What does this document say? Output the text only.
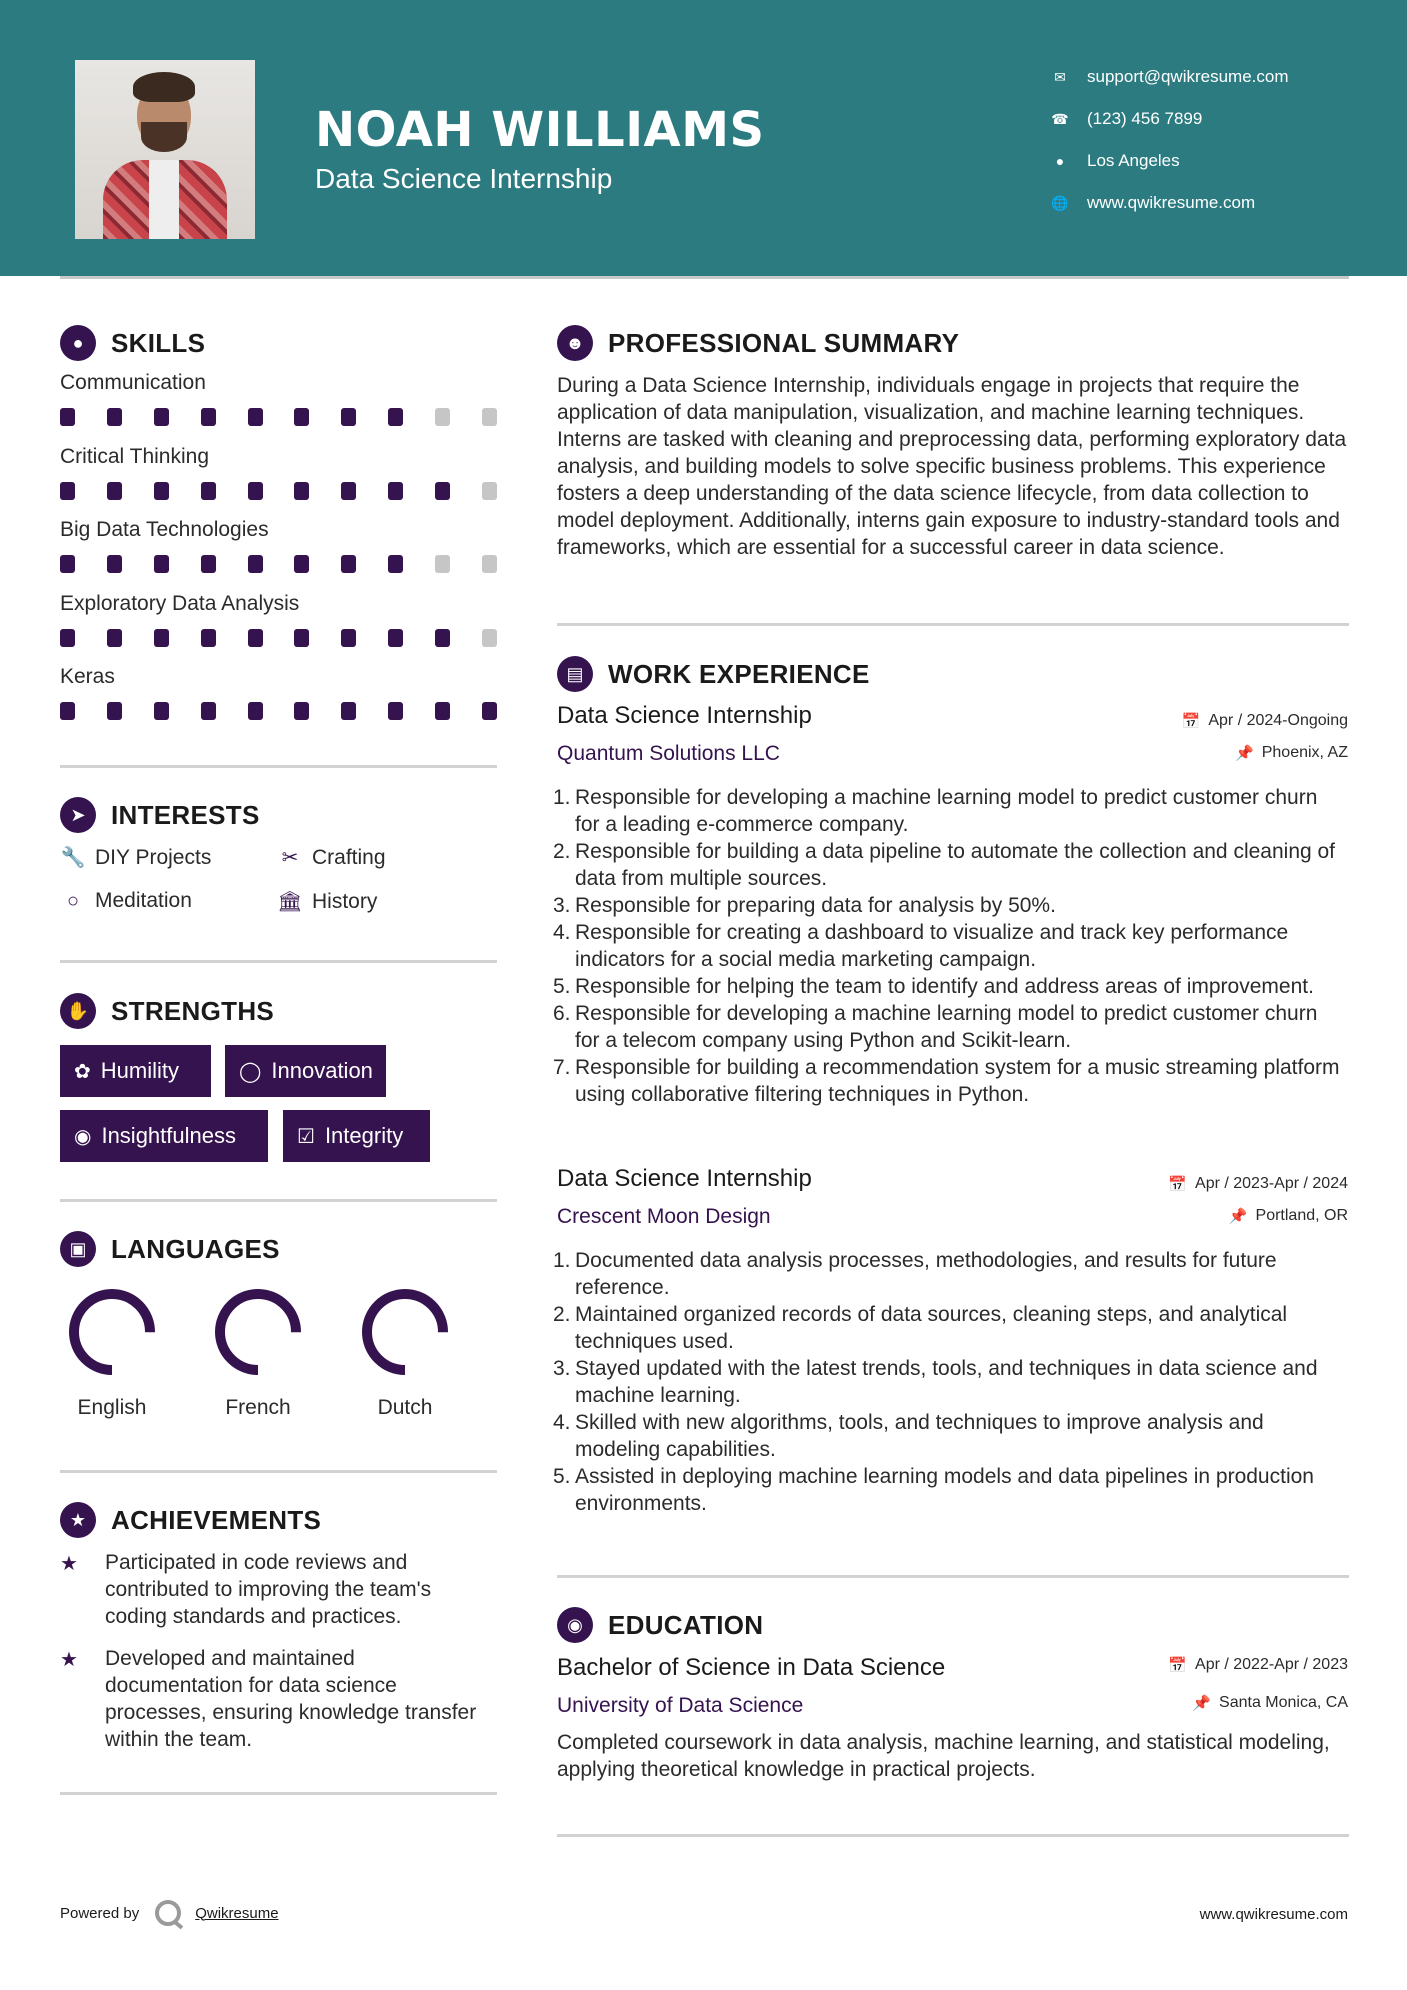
NOAH WILLIAMS
Data Science Internship
✉ support@qwikresume.com
☎ (123) 456 7899
●	Los Angeles
🌐 www.qwikresume.com
●	SKILLS
Communication
Critical Thinking
Big Data Technologies
Exploratory Data Analysis
Keras
➤ INTERESTS
🔧 DIY Projects	✂ Crafting
○ Meditation	🏛 History
✋ STRENGTHS
✿ Humility	◯ Innovation
◉ Insightfulness	☑ Integrity
▣ LANGUAGES
English	French	Dutch
★ ACHIEVEMENTS
★	Participated in code reviews and contributed to improving the team's coding standards and practices.
★	Developed and maintained documentation for data science processes, ensuring knowledge transfer within the team.
☻ PROFESSIONAL SUMMARY
During a Data Science Internship, individuals engage in projects that require the application of data manipulation, visualization, and machine learning techniques. Interns are tasked with cleaning and preprocessing data, performing exploratory data analysis, and building models to solve specific business problems. This experience fosters a deep understanding of the data science lifecycle, from data collection to model deployment. Additionally, interns gain exposure to industry-standard tools and frameworks, which are essential for a successful career in data science.
▤ WORK EXPERIENCE
Data Science Internship	📅 Apr / 2024-Ongoing
Quantum Solutions LLC	📌 Phoenix, AZ
1. Responsible for developing a machine learning model to predict customer churn for a leading e-commerce company.
2. Responsible for building a data pipeline to automate the collection and cleaning of data from multiple sources.
3. Responsible for preparing data for analysis by 50%.
4. Responsible for creating a dashboard to visualize and track key performance indicators for a social media marketing campaign.
5. Responsible for helping the team to identify and address areas of improvement.
6. Responsible for developing a machine learning model to predict customer churn for a telecom company using Python and Scikit-learn.
7. Responsible for building a recommendation system for a music streaming platform using collaborative filtering techniques in Python.
Data Science Internship	📅 Apr / 2023-Apr / 2024
Crescent Moon Design	📌 Portland, OR
1. Documented data analysis processes, methodologies, and results for future reference.
2. Maintained organized records of data sources, cleaning steps, and analytical techniques used.
3. Stayed updated with the latest trends, tools, and techniques in data science and machine learning.
4. Skilled with new algorithms, tools, and techniques to improve analysis and modeling capabilities.
5. Assisted in deploying machine learning models and data pipelines in production environments.
◉ EDUCATION
Bachelor of Science in Data Science	📅 Apr / 2022-Apr / 2023
University of Data Science	📌 Santa Monica, CA
Completed coursework in data analysis, machine learning, and statistical modeling, applying theoretical knowledge in practical projects.
Powered by	Qwikresume	www.qwikresume.com
